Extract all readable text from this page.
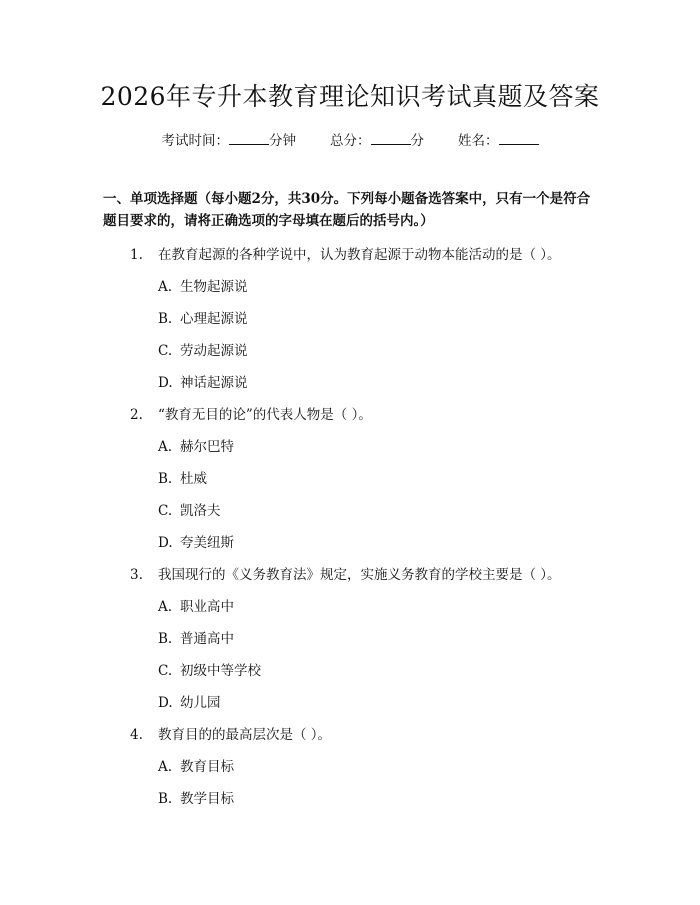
2026年专升本教育理论知识考试真题及答案
考试时间：	分钟	总分：	分	姓名：
一、单项选择题（每小题2分，共30分。下列每小题备选答案中，只有一个是符合题目要求的，请将正确选项的字母填在题后的括号内。）
1. 在教育起源的各种学说中，认为教育起源于动物本能活动的是（ ）。
A. 生物起源说
B. 心理起源说
C. 劳动起源说
D. 神话起源说
2. “教育无目的论”的代表人物是（ ）。
A. 赫尔巴特
B. 杜威
C. 凯洛夫
D. 夸美纽斯
3. 我国现行的《义务教育法》规定，实施义务教育的学校主要是（ ）。
A. 职业高中
B. 普通高中
C. 初级中等学校
D. 幼儿园
4. 教育目的的最高层次是（ ）。
A. 教育目标
B. 教学目标
